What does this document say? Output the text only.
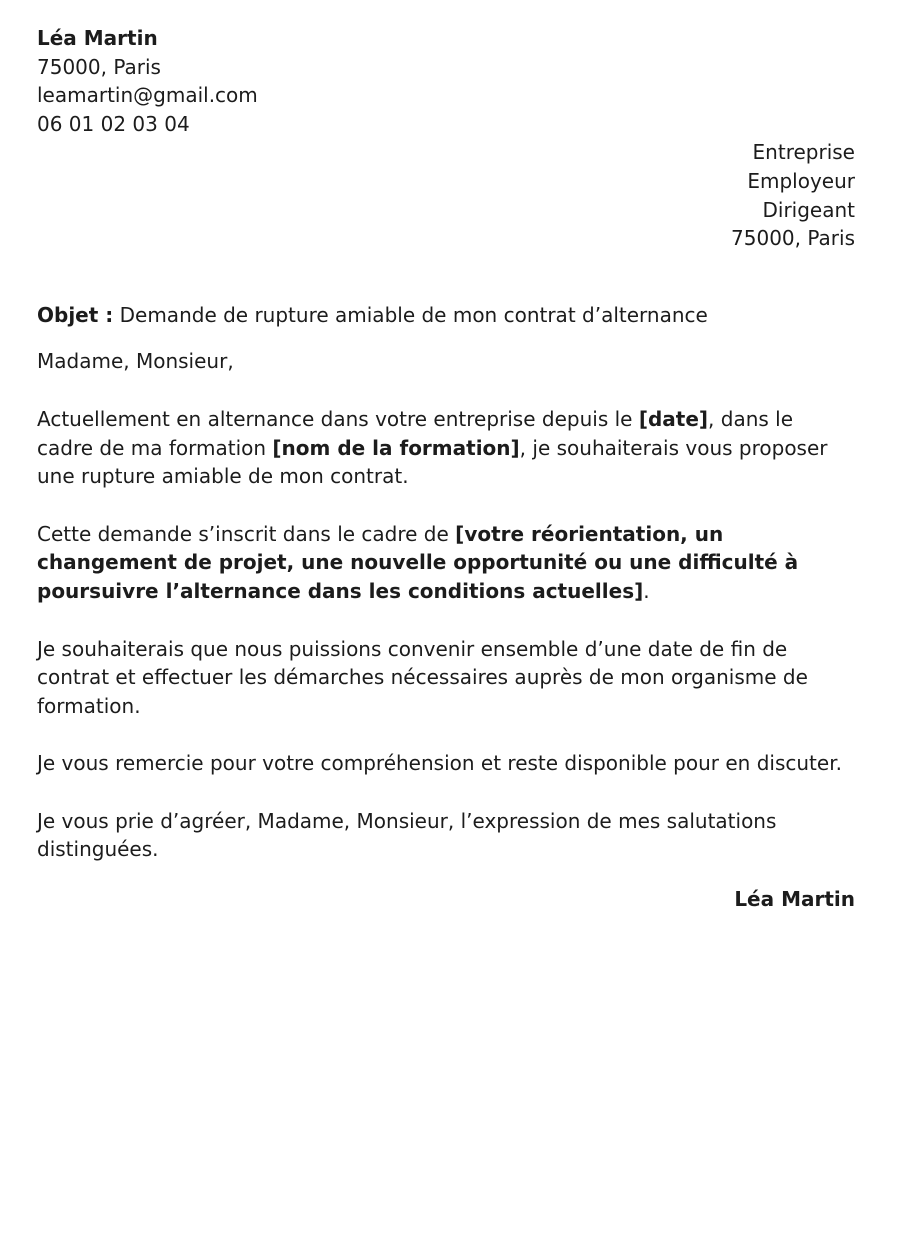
Léa Martin
75000, Paris
leamartin@gmail.com
06 01 02 03 04
Entreprise
Employeur
Dirigeant
75000, Paris

Objet : Demande de rupture amiable de mon contrat d’alternance

Madame, Monsieur,

Actuellement en alternance dans votre entreprise depuis le [date], dans le cadre de ma formation [nom de la formation], je souhaiterais vous proposer une rupture amiable de mon contrat.

Cette demande s’inscrit dans le cadre de [votre réorientation, un changement de projet, une nouvelle opportunité ou une difficulté à poursuivre l’alternance dans les conditions actuelles].

Je souhaiterais que nous puissions convenir ensemble d’une date de fin de contrat et effectuer les démarches nécessaires auprès de mon organisme de formation.

Je vous remercie pour votre compréhension et reste disponible pour en discuter.

Je vous prie d’agréer, Madame, Monsieur, l’expression de mes salutations distinguées.

Léa Martin
